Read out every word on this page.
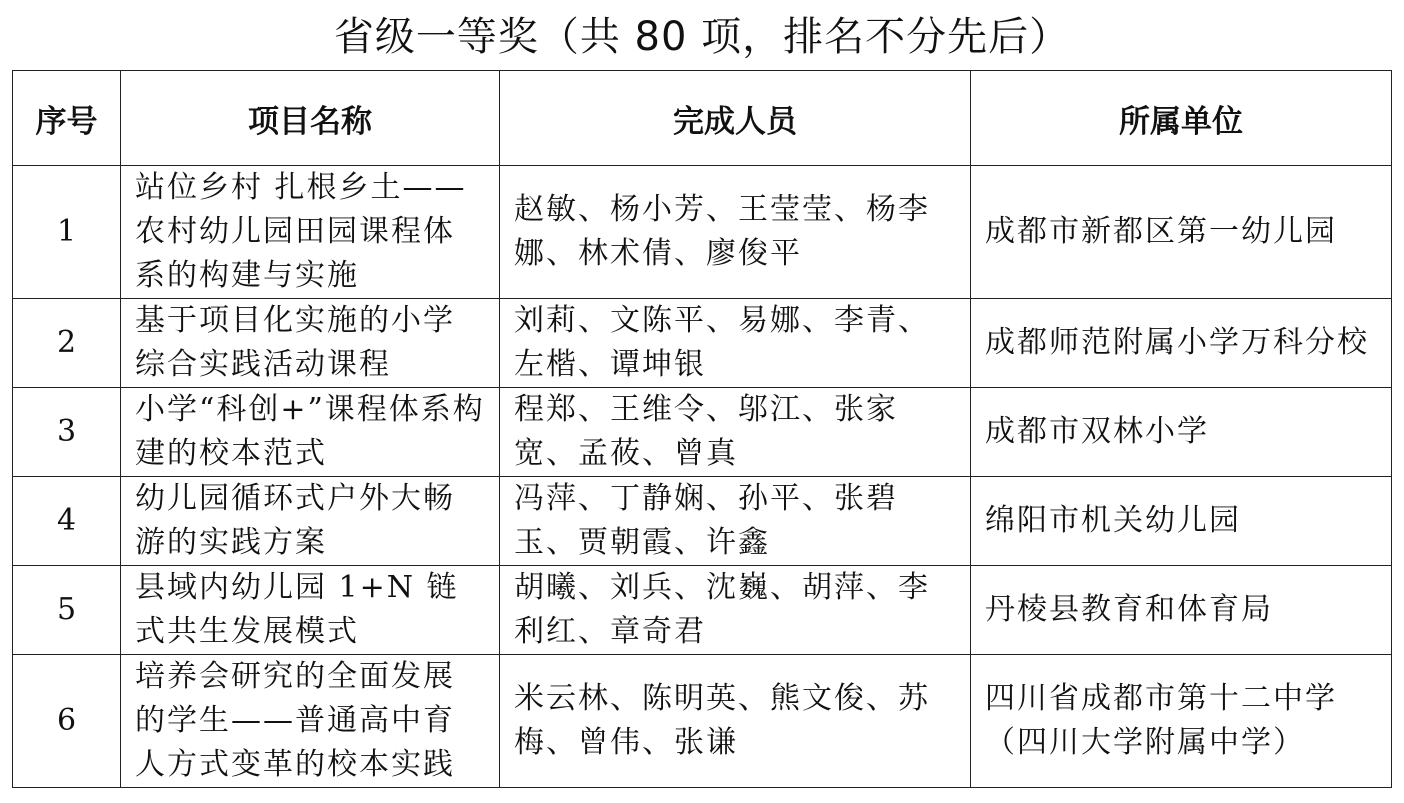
省级一等奖（共 80 项，排名不分先后）
序号	项目名称	完成人员	所属单位
1	站位乡村 扎根乡土——农村幼儿园田园课程体系的构建与实施	赵敏、杨小芳、王莹莹、杨李娜、林术倩、廖俊平	成都市新都区第一幼儿园
2	基于项目化实施的小学综合实践活动课程	刘莉、文陈平、易娜、李青、左楷、谭坤银	成都师范附属小学万科分校
3	小学“科创+”课程体系构建的校本范式	程郑、王维令、邬江、张家宽、孟莜、曾真	成都市双林小学
4	幼儿园循环式户外大畅游的实践方案	冯萍、丁静娴、孙平、张碧玉、贾朝霞、许鑫	绵阳市机关幼儿园
5	县域内幼儿园 1+N 链式共生发展模式	胡曦、刘兵、沈巍、胡萍、李利红、章奇君	丹棱县教育和体育局
6	培养会研究的全面发展的学生——普通高中育人方式变革的校本实践	米云林、陈明英、熊文俊、苏梅、曾伟、张谦	四川省成都市第十二中学（四川大学附属中学）
